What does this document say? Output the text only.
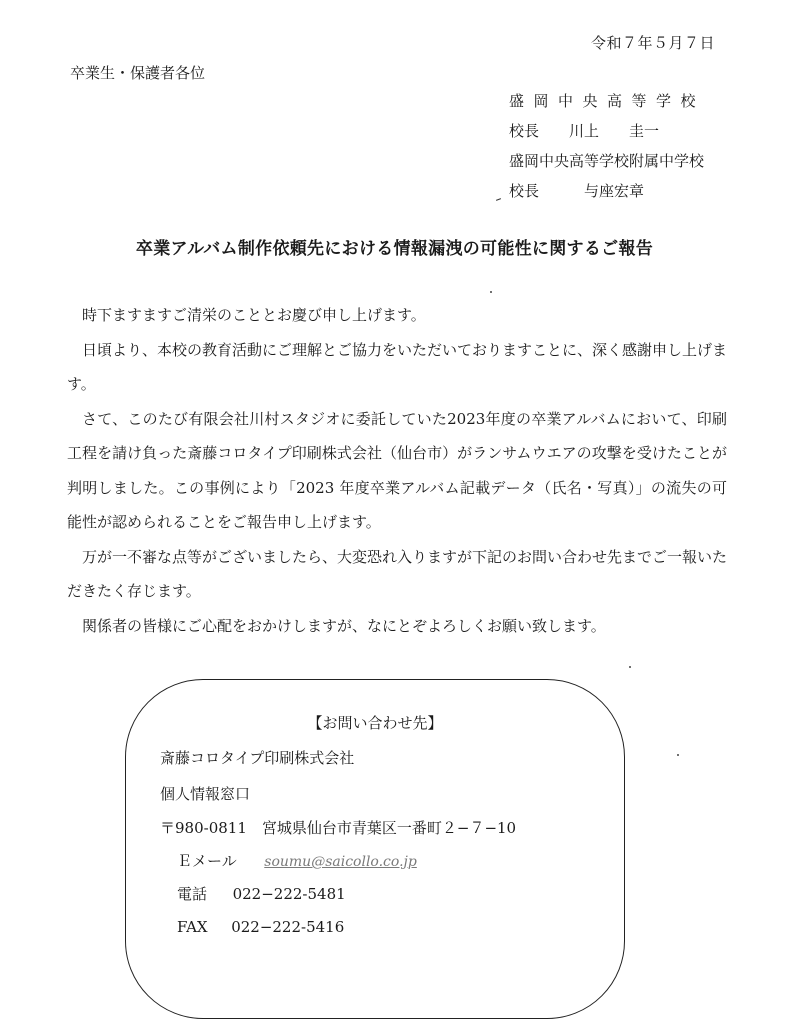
令和７年５月７日
卒業生・保護者各位
盛岡中央高等学校
校長　　川上　　圭一
盛岡中央高等学校附属中学校
校長　　　与座宏章
卒業アルバム制作依頼先における情報漏洩の可能性に関するご報告

時下ますますご清栄のこととお慶び申し上げます。

日頃より、本校の教育活動にご理解とご協力をいただいておりますことに、深く感謝申し上げます。

さて、このたび有限会社川村スタジオに委託していた2023年度の卒業アルバムにおいて、印刷工程を請け負った斎藤コロタイプ印刷株式会社（仙台市）がランサムウエアの攻撃を受けたことが判明しました。この事例により「2023 年度卒業アルバム記載データ（氏名・写真）」の流失の可能性が認められることをご報告申し上げます。

万が一不審な点等がございましたら、大変恐れ入りますが下記のお問い合わせ先までご一報いただきたく存じます。

関係者の皆様にご心配をおかけしますが、なにとぞよろしくお願い致します。

【お問い合わせ先】
斎藤コロタイプ印刷株式会社
個人情報窓口
〒980-0811　宮城県仙台市青葉区一番町２−７−10
Ｅメール soumu@saicollo.co.jp
電話 022−222-5481
FAX 022−222-5416
